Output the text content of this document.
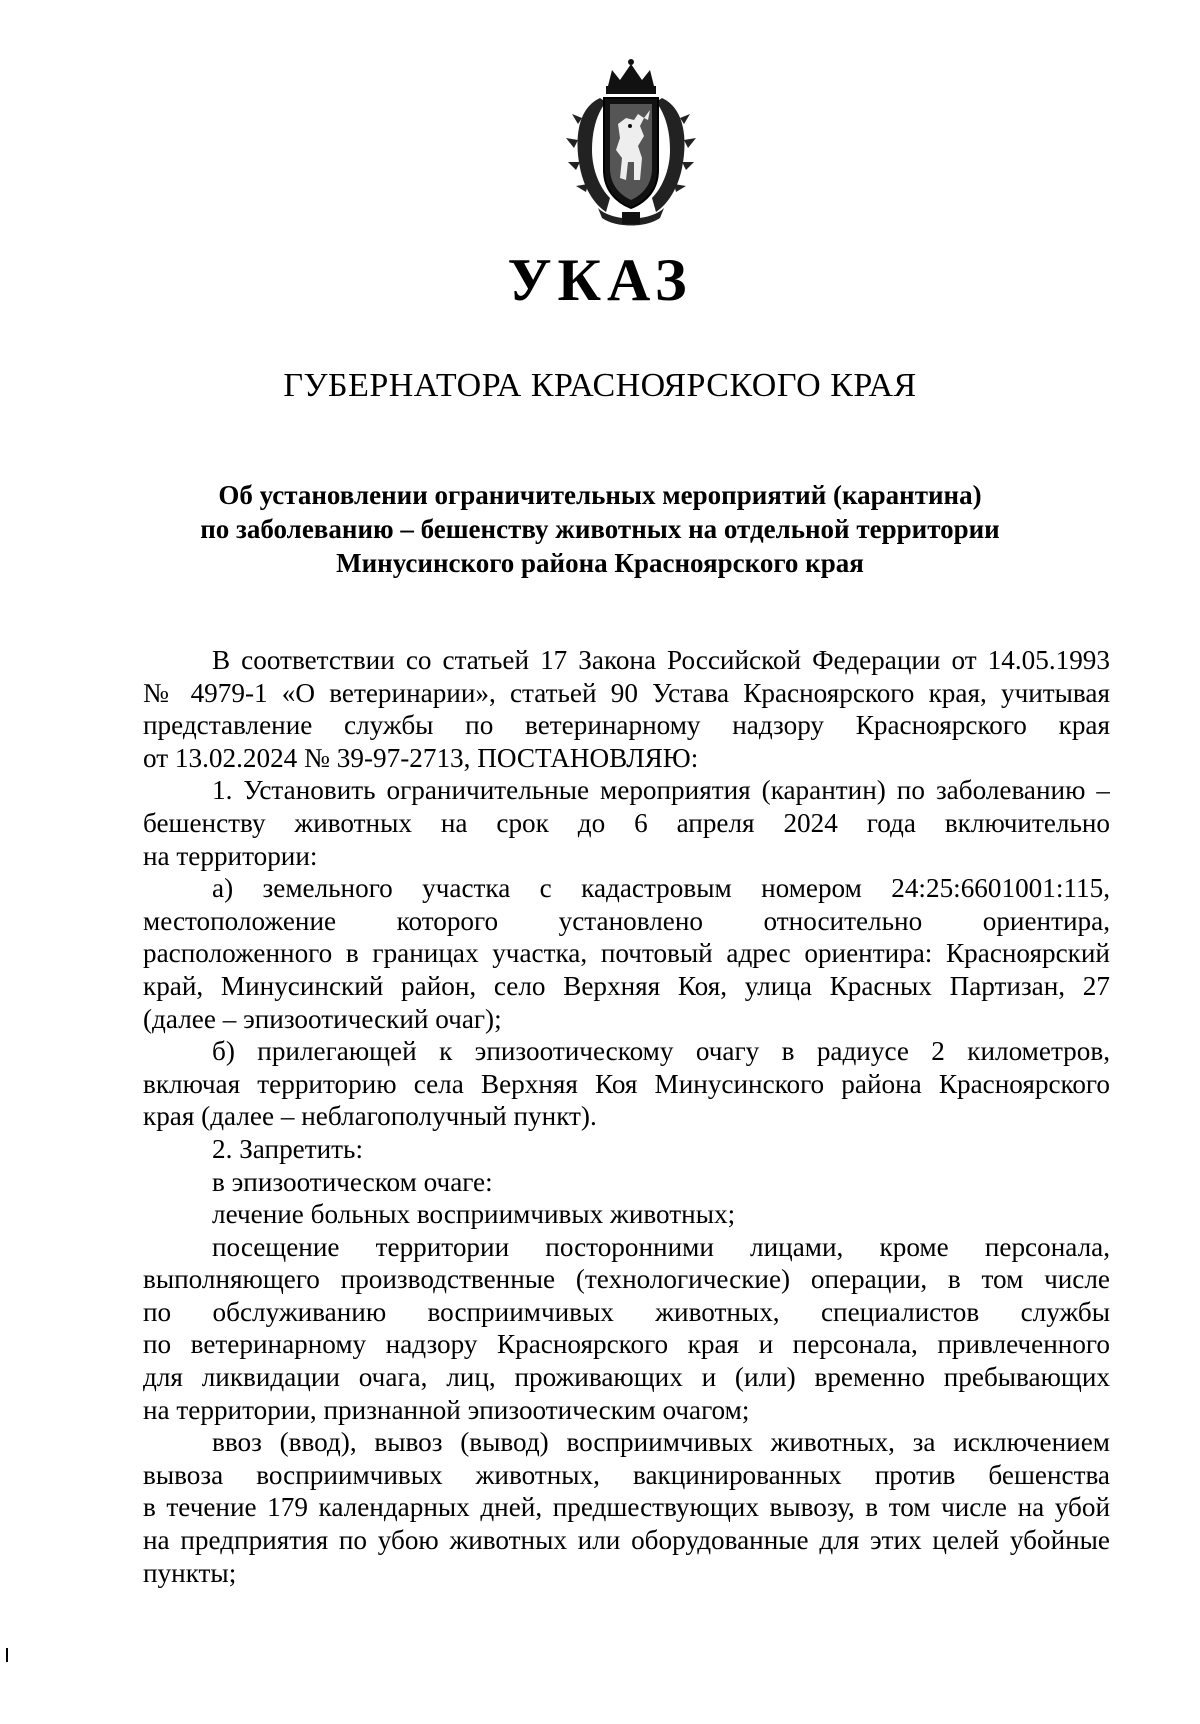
УКАЗ
ГУБЕРНАТОРА КРАСНОЯРСКОГО КРАЯ
Об установлении ограничительных мероприятий (карантина)
по заболеванию – бешенству животных на отдельной территории
Минусинского района Красноярского края
В соответствии со статьей 17 Закона Российской Федерации от 14.05.1993
№ 4979-1 «О ветеринарии», статьей 90 Устава Красноярского края, учитывая
представление службы по ветеринарному надзору Красноярского края
от 13.02.2024 № 39-97-2713, ПОСТАНОВЛЯЮ:
1. Установить ограничительные мероприятия (карантин) по заболеванию –
бешенству животных на срок до 6 апреля 2024 года включительно
на территории:
а) земельного участка с кадастровым номером 24:25:6601001:115,
местоположение которого установлено относительно ориентира,
расположенного в границах участка, почтовый адрес ориентира: Красноярский
край, Минусинский район, село Верхняя Коя, улица Красных Партизан, 27
(далее – эпизоотический очаг);
б) прилегающей к эпизоотическому очагу в радиусе 2 километров,
включая территорию села Верхняя Коя Минусинского района Красноярского
края (далее – неблагополучный пункт).
2. Запретить:
в эпизоотическом очаге:
лечение больных восприимчивых животных;
посещение территории посторонними лицами, кроме персонала,
выполняющего производственные (технологические) операции, в том числе
по обслуживанию восприимчивых животных, специалистов службы
по ветеринарному надзору Красноярского края и персонала, привлеченного
для ликвидации очага, лиц, проживающих и (или) временно пребывающих
на территории, признанной эпизоотическим очагом;
ввоз (ввод), вывоз (вывод) восприимчивых животных, за исключением
вывоза восприимчивых животных, вакцинированных против бешенства
в течение 179 календарных дней, предшествующих вывозу, в том числе на убой
на предприятия по убою животных или оборудованные для этих целей убойные
пункты;
